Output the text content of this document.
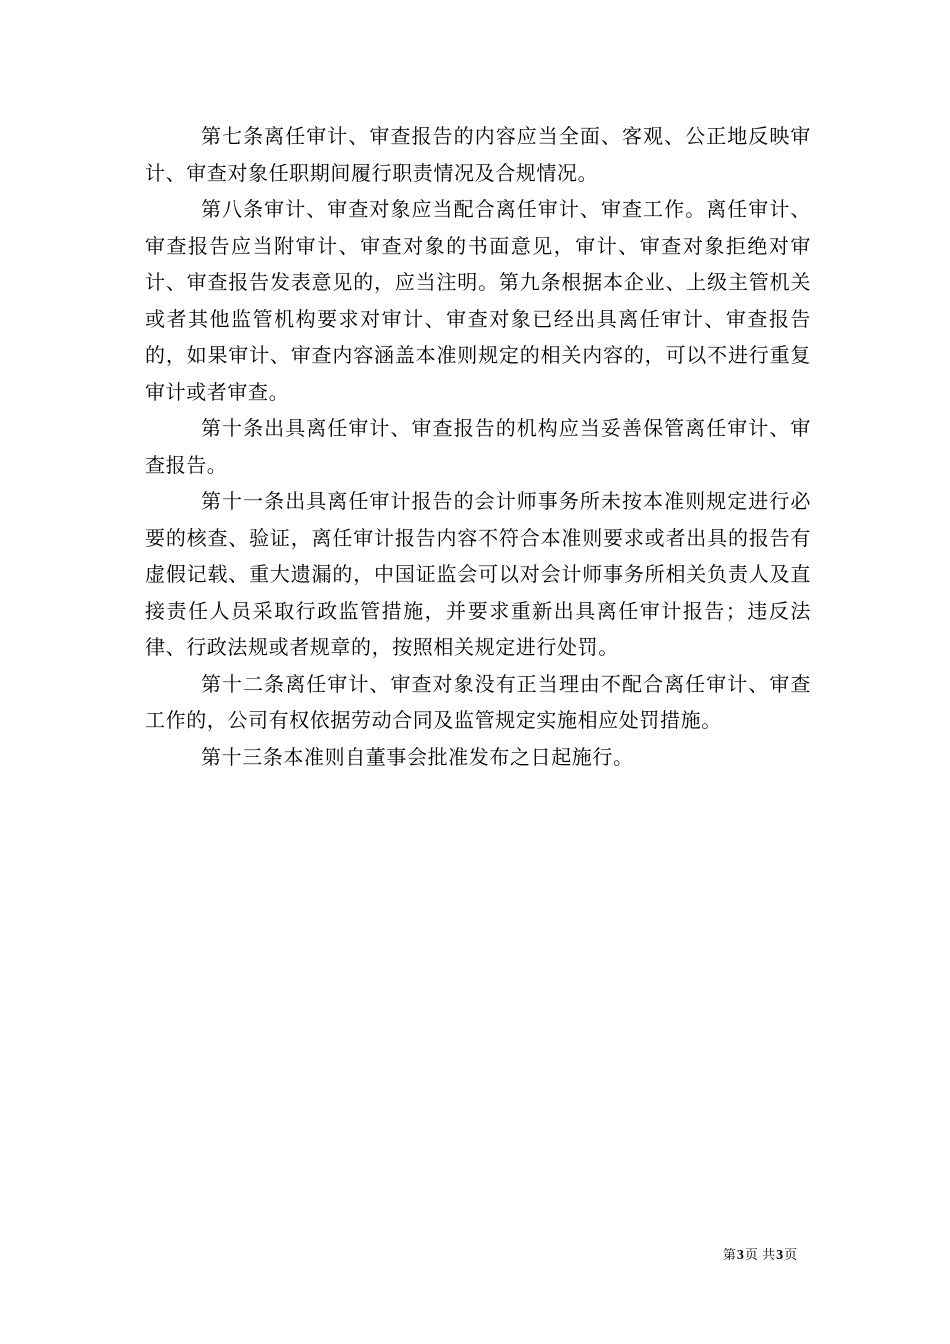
第七条离任审计、审查报告的内容应当全面、客观、公正地反映审计、审查对象任职期间履行职责情况及合规情况。

第八条审计、审查对象应当配合离任审计、审查工作。离任审计、审查报告应当附审计、审查对象的书面意见，审计、审查对象拒绝对审计、审查报告发表意见的，应当注明。第九条根据本企业、上级主管机关或者其他监管机构要求对审计、审查对象已经出具离任审计、审查报告的，如果审计、审查内容涵盖本准则规定的相关内容的，可以不进行重复审计或者审查。

第十条出具离任审计、审查报告的机构应当妥善保管离任审计、审查报告。

第十一条出具离任审计报告的会计师事务所未按本准则规定进行必要的核查、验证，离任审计报告内容不符合本准则要求或者出具的报告有虚假记载、重大遗漏的，中国证监会可以对会计师事务所相关负责人及直接责任人员采取行政监管措施，并要求重新出具离任审计报告；违反法律、行政法规或者规章的，按照相关规定进行处罚。

第十二条离任审计、审查对象没有正当理由不配合离任审计、审查工作的，公司有权依据劳动合同及监管规定实施相应处罚措施。

第十三条本准则自董事会批准发布之日起施行。

第3页 共3页
